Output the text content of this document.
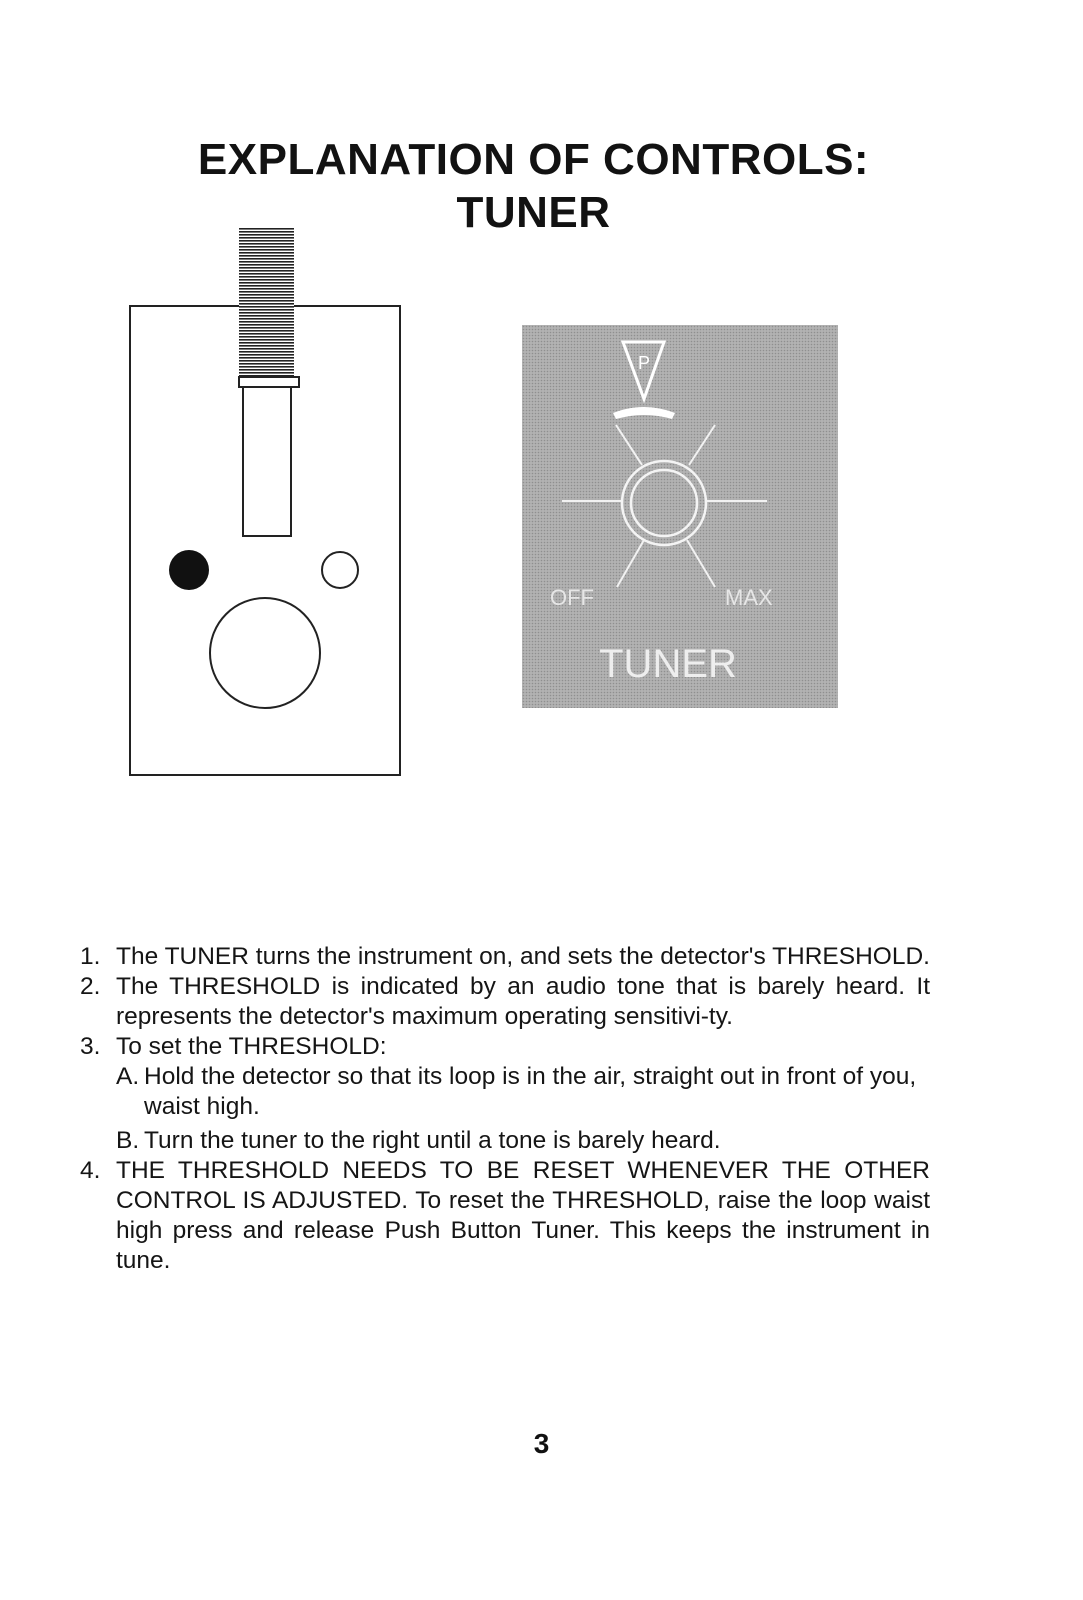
EXPLANATION OF CONTROLS:
TUNER
P
OFF	MAX
TUNER
1. The TUNER turns the instrument on, and sets the detector's THRESHOLD.
2. The THRESHOLD is indicated by an audio tone that is barely heard. It represents the detector's maximum operating sensitivi-ty.
3. To set the THRESHOLD:
A. Hold the detector so that its loop is in the air, straight out in front of you, waist high.
B. Turn the tuner to the right until a tone is barely heard.
4. THE THRESHOLD NEEDS TO BE RESET WHENEVER THE OTHER CONTROL IS ADJUSTED. To reset the THRESHOLD, raise the loop waist high press and release Push Button Tuner. This keeps the instrument in tune.
3
